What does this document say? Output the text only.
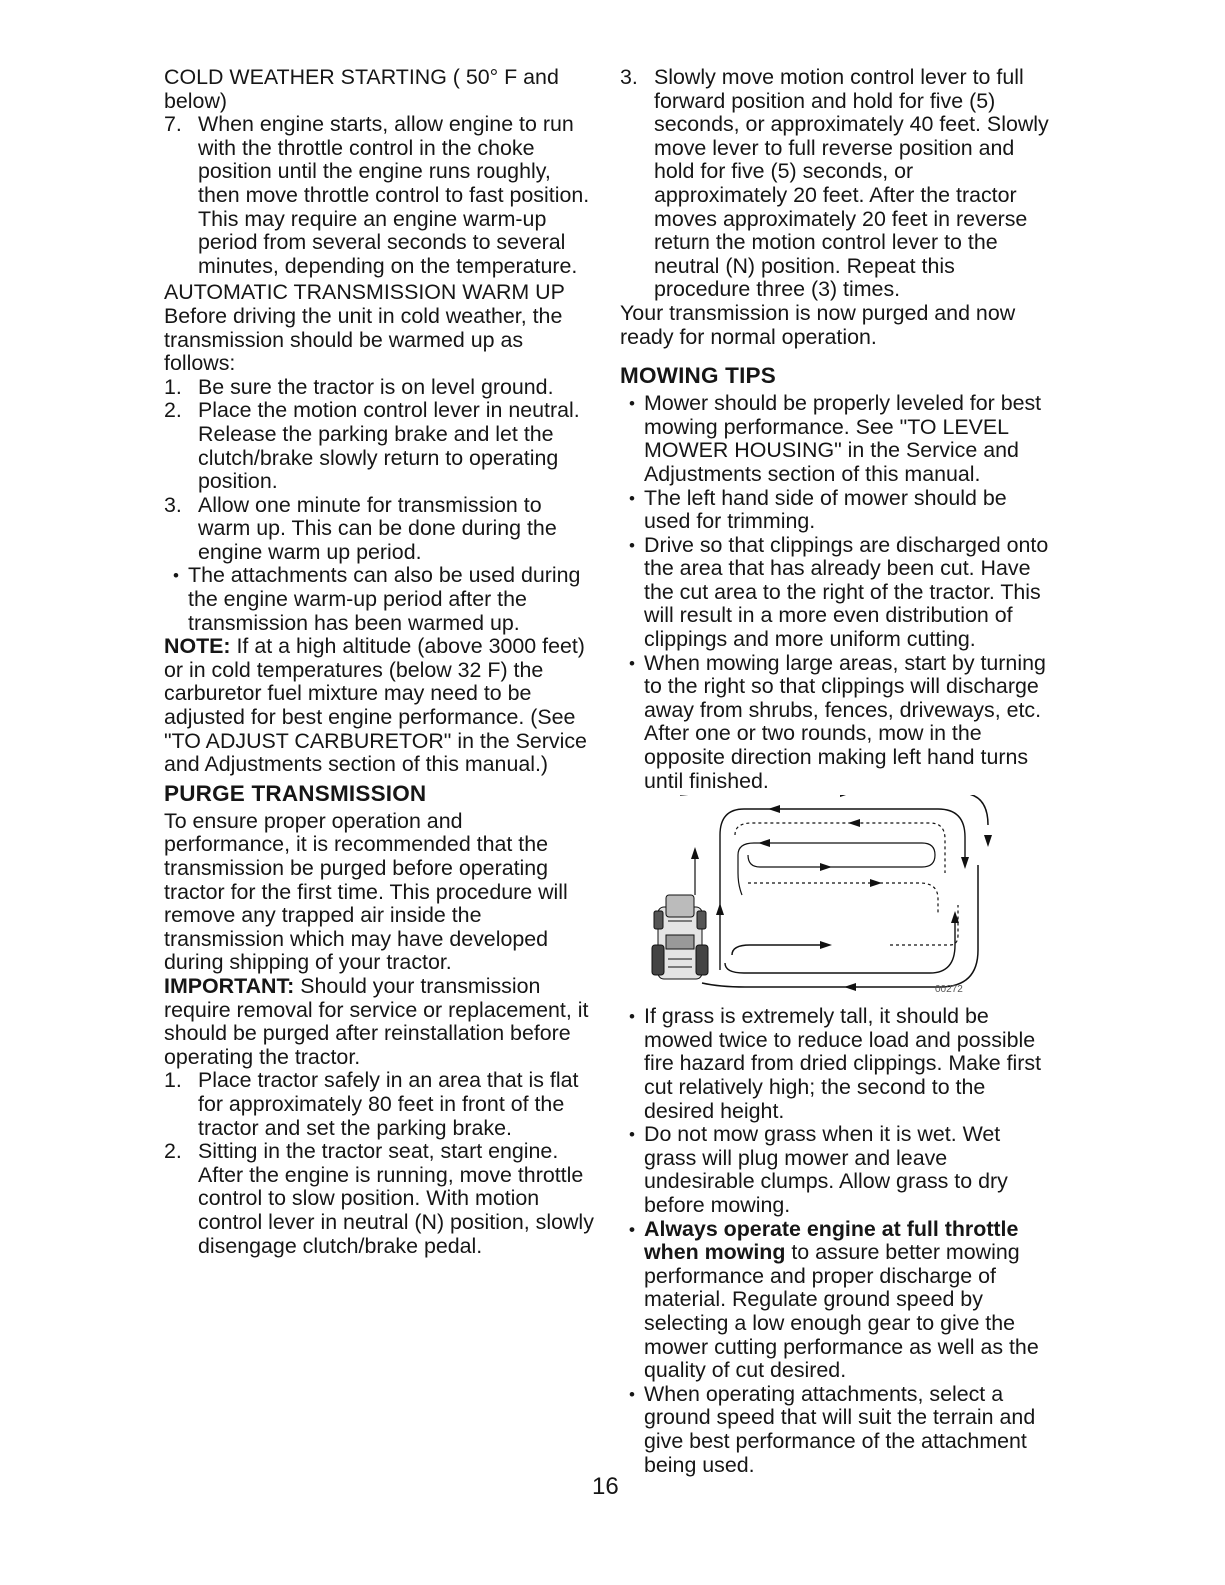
COLD WEATHER STARTING ( 50° F and below)

7. When engine starts, allow engine to run with the throttle control in the choke position until the engine runs roughly, then move throttle control to fast position. This may require an engine warm-up period from several seconds to several minutes, depending on the temperature.

AUTOMATIC TRANSMISSION WARM UP

Before driving the unit in cold weather, the transmission should be warmed up as follows:

1. Be sure the tractor is on level ground.
2. Place the motion control lever in neutral. Release the parking brake and let the clutch/brake slowly return to operating position.
3. Allow one minute for transmission to warm up. This can be done during the engine warm up period.
• The attachments can also be used during the engine warm-up period after the transmission has been warmed up.

NOTE: If at a high altitude (above 3000 feet) or in cold temperatures (below 32 F) the carburetor fuel mixture may need to be adjusted for best engine performance. (See "TO ADJUST CARBURETOR" in the Service and Adjustments section of this manual.)

PURGE TRANSMISSION

To ensure proper operation and performance, it is recommended that the transmission be purged before operating tractor for the first time. This procedure will remove any trapped air inside the transmission which may have developed during shipping of your tractor.

IMPORTANT: Should your transmission require removal for service or replacement, it should be purged after reinstallation before operating the tractor.

1. Place tractor safely in an area that is flat for approximately 80 feet in front of the tractor and set the parking brake.
2. Sitting in the tractor seat, start engine. After the engine is running, move throttle control to slow position. With motion control lever in neutral (N) position, slowly disengage clutch/brake pedal.
3. Slowly move motion control lever to full forward position and hold for five (5) seconds, or approximately 40 feet. Slowly move lever to full reverse position and hold for five (5) seconds, or approximately 20 feet. After the tractor moves approximately 20 feet in reverse return the motion control lever to the neutral (N) position. Repeat this procedure three (3) times.

Your transmission is now purged and now ready for normal operation.

MOWING TIPS

• Mower should be properly leveled for best mowing performance. See "TO LEVEL MOWER HOUSING" in the Service and Adjustments section of this manual.
• The left hand side of mower should be used for trimming.
• Drive so that clippings are discharged onto the area that has already been cut. Have the cut area to the right of the tractor. This will result in a more even distribution of clippings and more uniform cutting.
• When mowing large areas, start by turning to the right so that clippings will discharge away from shrubs, fences, driveways, etc. After one or two rounds, mow in the opposite direction making left hand turns until finished.
00272
• If grass is extremely tall, it should be mowed twice to reduce load and possible fire hazard from dried clippings. Make first cut relatively high; the second to the desired height.
• Do not mow grass when it is wet. Wet grass will plug mower and leave undesirable clumps. Allow grass to dry before mowing.
• Always operate engine at full throttle when mowing to assure better mowing performance and proper discharge of material. Regulate ground speed by selecting a low enough gear to give the mower cutting performance as well as the quality of cut desired.
• When operating attachments, select a ground speed that will suit the terrain and give best performance of the attachment being used.
16
